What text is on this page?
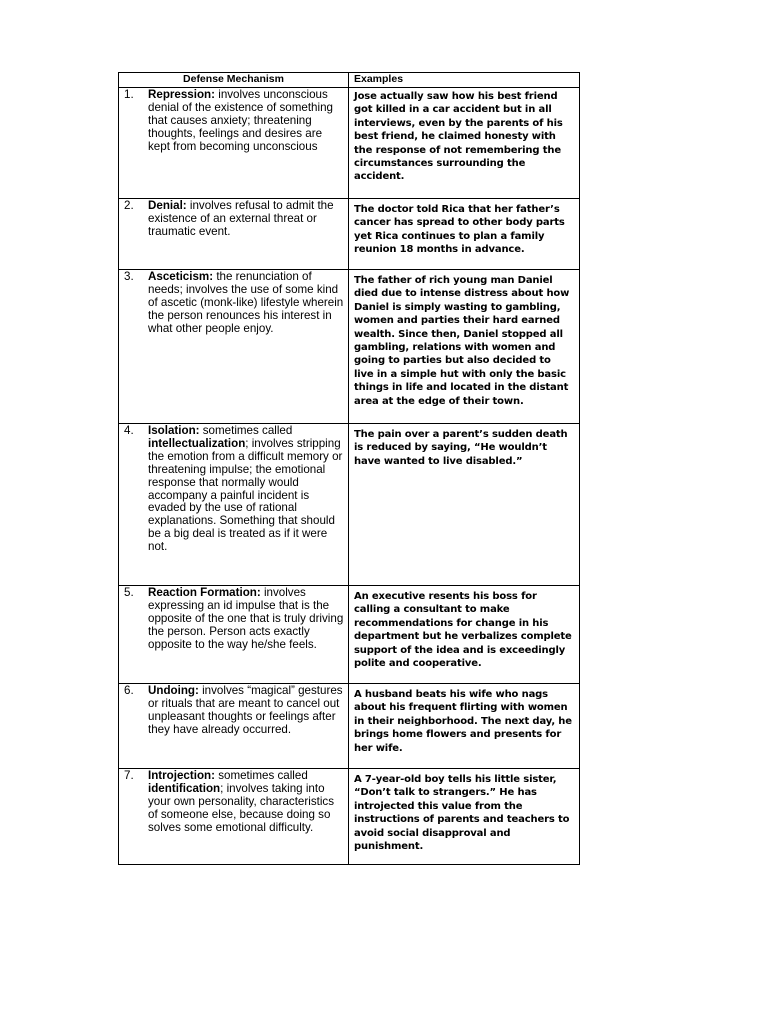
Defense Mechanism	Examples

1. Repression: involves unconscious denial of the existence of something that causes anxiety; threatening thoughts, feelings and desires are kept from becoming unconscious	Jose actually saw how his best friend got killed in a car accident but in all interviews, even by the parents of his best friend, he claimed honesty with the response of not remembering the circumstances surrounding the accident.

2. Denial: involves refusal to admit the existence of an external threat or traumatic event.	The doctor told Rica that her father’s cancer has spread to other body parts yet Rica continues to plan a family reunion 18 months in advance.

3. Asceticism: the renunciation of needs; involves the use of some kind of ascetic (monk-like) lifestyle wherein the person renounces his interest in what other people enjoy.	The father of rich young man Daniel died due to intense distress about how Daniel is simply wasting to gambling, women and parties their hard earned wealth. Since then, Daniel stopped all gambling, relations with women and going to parties but also decided to live in a simple hut with only the basic things in life and located in the distant area at the edge of their town.

4. Isolation: sometimes called intellectualization; involves stripping the emotion from a difficult memory or threatening impulse; the emotional response that normally would accompany a painful incident is evaded by the use of rational explanations. Something that should be a big deal is treated as if it were not.	The pain over a parent’s sudden death is reduced by saying, “He wouldn’t have wanted to live disabled.”

5. Reaction Formation: involves expressing an id impulse that is the opposite of the one that is truly driving the person. Person acts exactly opposite to the way he/she feels.	An executive resents his boss for calling a consultant to make recommendations for change in his department but he verbalizes complete support of the idea and is exceedingly polite and cooperative.

6. Undoing: involves “magical” gestures or rituals that are meant to cancel out unpleasant thoughts or feelings after they have already occurred.	A husband beats his wife who nags about his frequent flirting with women in their neighborhood. The next day, he brings home flowers and presents for her wife.

7. Introjection: sometimes called identification; involves taking into your own personality, characteristics of someone else, because doing so solves some emotional difficulty.	A 7-year-old boy tells his little sister, “Don’t talk to strangers.” He has introjected this value from the instructions of parents and teachers to avoid social disapproval and punishment.
